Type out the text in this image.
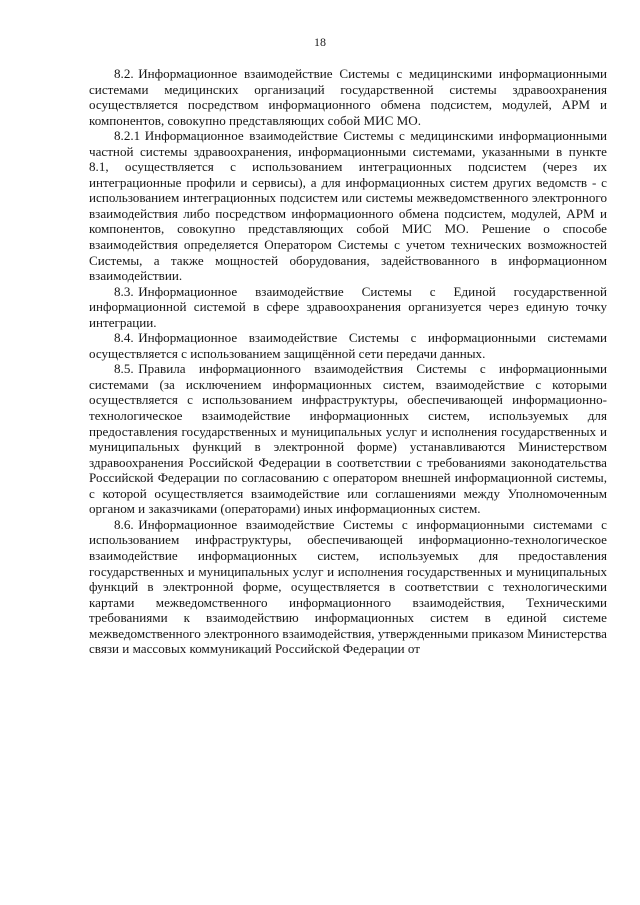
18

8.2. Информационное взаимодействие Системы с медицинскими информационными системами медицинских организаций государственной системы здравоохранения осуществляется посредством информационного обмена подсистем, модулей, АРМ и компонентов, совокупно представляющих собой МИС МО.

8.2.1 Информационное взаимодействие Системы с медицинскими информационными частной системы здравоохранения, информационными системами, указанными в пункте 8.1, осуществляется с использованием интеграционных подсистем (через их интеграционные профили и сервисы), а для информационных систем других ведомств - с использованием интеграционных подсистем или системы межведомственного электронного взаимодействия либо посредством информационного обмена подсистем, модулей, АРМ и компонентов, совокупно представляющих собой МИС МО. Решение о способе взаимодействия определяется Оператором Системы с учетом технических возможностей Системы, а также мощностей оборудования, задействованного в информационном взаимодействии.

8.3. Информационное взаимодействие Системы с Единой государственной информационной системой в сфере здравоохранения организуется через единую точку интеграции.

8.4. Информационное взаимодействие Системы с информационными системами осуществляется с использованием защищённой сети передачи данных.

8.5. Правила информационного взаимодействия Системы с информационными системами (за исключением информационных систем, взаимодействие с которыми осуществляется с использованием инфраструктуры, обеспечивающей информационно-технологическое взаимодействие информационных систем, используемых для предоставления государственных и муниципальных услуг и исполнения государственных и муниципальных функций в электронной форме) устанавливаются Министерством здравоохранения Российской Федерации в соответствии с требованиями законодательства Российской Федерации по согласованию с оператором внешней информационной системы, с которой осуществляется взаимодействие или соглашениями между Уполномоченным органом и заказчиками (операторами) иных информационных систем.

8.6. Информационное взаимодействие Системы с информационными системами с использованием инфраструктуры, обеспечивающей информационно-технологическое взаимодействие информационных систем, используемых для предоставления государственных и муниципальных услуг и исполнения государственных и муниципальных функций в электронной форме, осуществляется в соответствии с технологическими картами межведомственного информационного взаимодействия, Техническими требованиями к взаимодействию информационных систем в единой системе межведомственного электронного взаимодействия, утвержденными приказом Министерства связи и массовых коммуникаций Российской Федерации от
